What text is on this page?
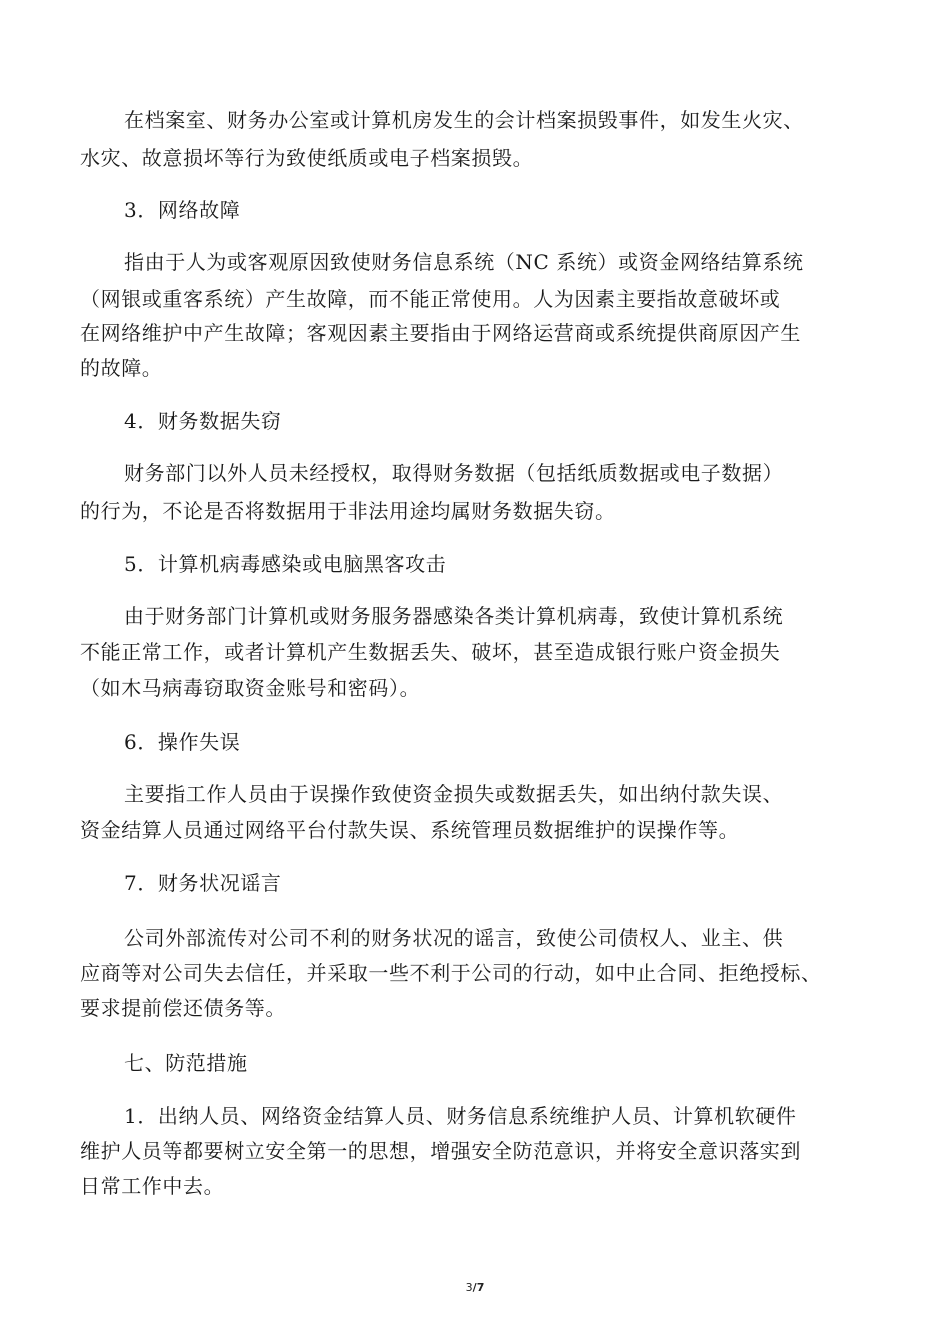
在档案室、财务办公室或计算机房发生的会计档案损毁事件，如发生火灾、
水灾、故意损坏等行为致使纸质或电子档案损毁。
3．网络故障
指由于人为或客观原因致使财务信息系统（NC 系统）或资金网络结算系统
（网银或重客系统）产生故障，而不能正常使用。人为因素主要指故意破坏或
在网络维护中产生故障；客观因素主要指由于网络运营商或系统提供商原因产生
的故障。
4．财务数据失窃
财务部门以外人员未经授权，取得财务数据（包括纸质数据或电子数据）
的行为，不论是否将数据用于非法用途均属财务数据失窃。
5．计算机病毒感染或电脑黑客攻击
由于财务部门计算机或财务服务器感染各类计算机病毒，致使计算机系统
不能正常工作，或者计算机产生数据丢失、破坏，甚至造成银行账户资金损失
（如木马病毒窃取资金账号和密码）。
6．操作失误
主要指工作人员由于误操作致使资金损失或数据丢失，如出纳付款失误、
资金结算人员通过网络平台付款失误、系统管理员数据维护的误操作等。
7．财务状况谣言
公司外部流传对公司不利的财务状况的谣言，致使公司债权人、业主、供
应商等对公司失去信任，并采取一些不利于公司的行动，如中止合同、拒绝授标、
要求提前偿还债务等。
七、防范措施
1．出纳人员、网络资金结算人员、财务信息系统维护人员、计算机软硬件
维护人员等都要树立安全第一的思想，增强安全防范意识，并将安全意识落实到
日常工作中去。
3/7
